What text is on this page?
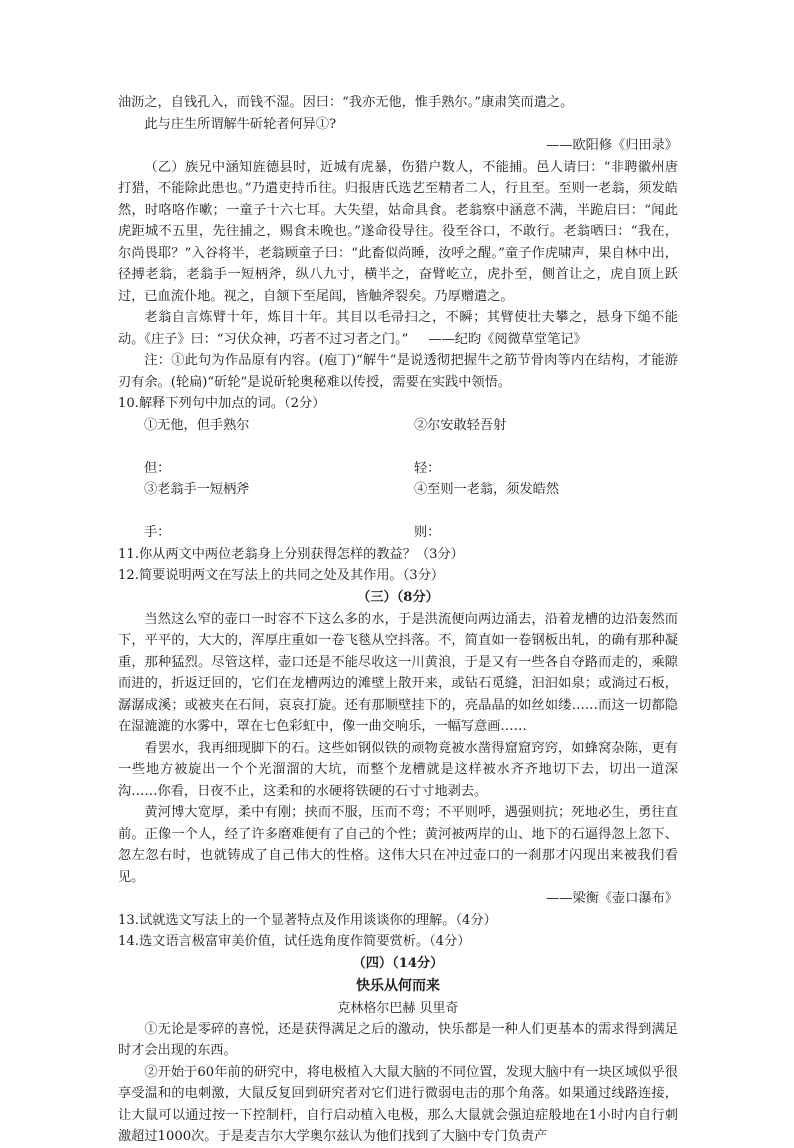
油沥之，自钱孔入，而钱不湿。因曰：“我亦无他，惟手熟尔。”康肃笑而遣之。

此与庄生所谓解牛斫轮者何异①?

——欧阳修《归田录》

（乙）族兄中涵知旌德县时，近城有虎暴，伤猎户数人，不能捕。邑人请曰：“非聘徽州唐打猎，不能除此患也。”乃遣吏持币往。归报唐氏选艺至精者二人，行且至。至则一老翁，须发皓然，时咯咯作嗽；一童子十六七耳。大失望，姑命具食。老翁察中涵意不满，半跪启曰：“闻此虎距城不五里，先往捕之，赐食未晚也。”遂命役导往。役至谷口，不敢行。老翁哂曰：“我在，尔尚畏耶？”入谷将半，老翁顾童子曰：“此畜似尚睡，汝呼之醒。”童子作虎啸声，果自林中出，径搏老翁，老翁手一短柄斧，纵八九寸，横半之，奋臂屹立，虎扑至，侧首让之，虎自顶上跃过，已血流仆地。视之，自颔下至尾闾，皆触斧裂矣。乃厚赠遣之。

老翁自言炼臂十年，炼目十年。其目以毛帚扫之，不瞬；其臂使壮夫攀之，悬身下缒不能动。《庄子》曰：“习伏众神，巧者不过习者之门。” ——纪昀《阅微草堂笔记》

注：①此句为作品原有内容。(庖丁)“解牛”是说透彻把握牛之筋节骨肉等内在结构，才能游刃有余。(轮扁)“斫轮”是说斫轮奥秘难以传授，需要在实践中领悟。

10.解释下列句中加点的词。（2分）

①无他，但手熟尔

但：
②尔安敢轻吾射

轻：
③老翁手一短柄斧

手：
④至则一老翁，须发皓然

则：

11.你从两文中两位老翁身上分别获得怎样的教益？（3分）

12.简要说明两文在写法上的共同之处及其作用。（3分）

（三）（8分）

当然这么窄的壶口一时容不下这么多的水，于是洪流便向两边涌去，沿着龙槽的边沿轰然而下，平平的，大大的，浑厚庄重如一卷飞毯从空抖落。不，简直如一卷钢板出轧，的确有那种凝重，那种猛烈。尽管这样，壶口还是不能尽收这一川黄浪，于是又有一些各自夺路而走的，乘隙而进的，折返迂回的，它们在龙槽两边的滩壁上散开来，或钻石觅缝，汩汩如泉；或淌过石板，潺潺成溪；或被夹在石间，哀哀打旋。还有那顺壁挂下的，亮晶晶的如丝如缕……而这一切都隐在湿漉漉的水雾中，罩在七色彩虹中，像一曲交响乐，一幅写意画……

看罢水，我再细现脚下的石。这些如钢似铁的顽物竟被水凿得窟窟窍窍，如蜂窝杂陈，更有一些地方被旋出一个个光溜溜的大坑，而整个龙槽就是这样被水齐齐地切下去，切出一道深沟……你看，日夜不止，这柔和的水硬将铁硬的石寸寸地剥去。

黄河博大宽厚，柔中有刚；挟而不服，压而不弯；不平则呼，遇强则抗；死地必生，勇往直前。正像一个人，经了许多磨难便有了自己的个性；黄河被两岸的山、地下的石逼得忽上忽下、忽左忽右时，也就铸成了自己伟大的性格。这伟大只在冲过壶口的一刹那才闪现出来被我们看见。

——梁衡《壶口瀑布》

13.试就选文写法上的一个显著特点及作用谈谈你的理解。（4分）

14.选文语言极富审美价值，试任选角度作简要赏析。（4分）

（四）（14分）
快乐从何而来
克林格尔巴赫 贝里奇

①无论是零碎的喜悦，还是获得满足之后的激动，快乐都是一种人们更基本的需求得到满足时才会出现的东西。

②开始于60年前的研究中，将电极植入大鼠大脑的不同位置，发现大脑中有一块区域似乎很享受温和的电刺激，大鼠反复回到研究者对它们进行微弱电击的那个角落。如果通过线路连接，让大鼠可以通过按一下控制杆，自行启动植入电极，那么大鼠就会强迫症般地在1小时内自行刺激超过1000次。于是麦吉尔大学奥尔兹认为他们找到了大脑中专门负责产
